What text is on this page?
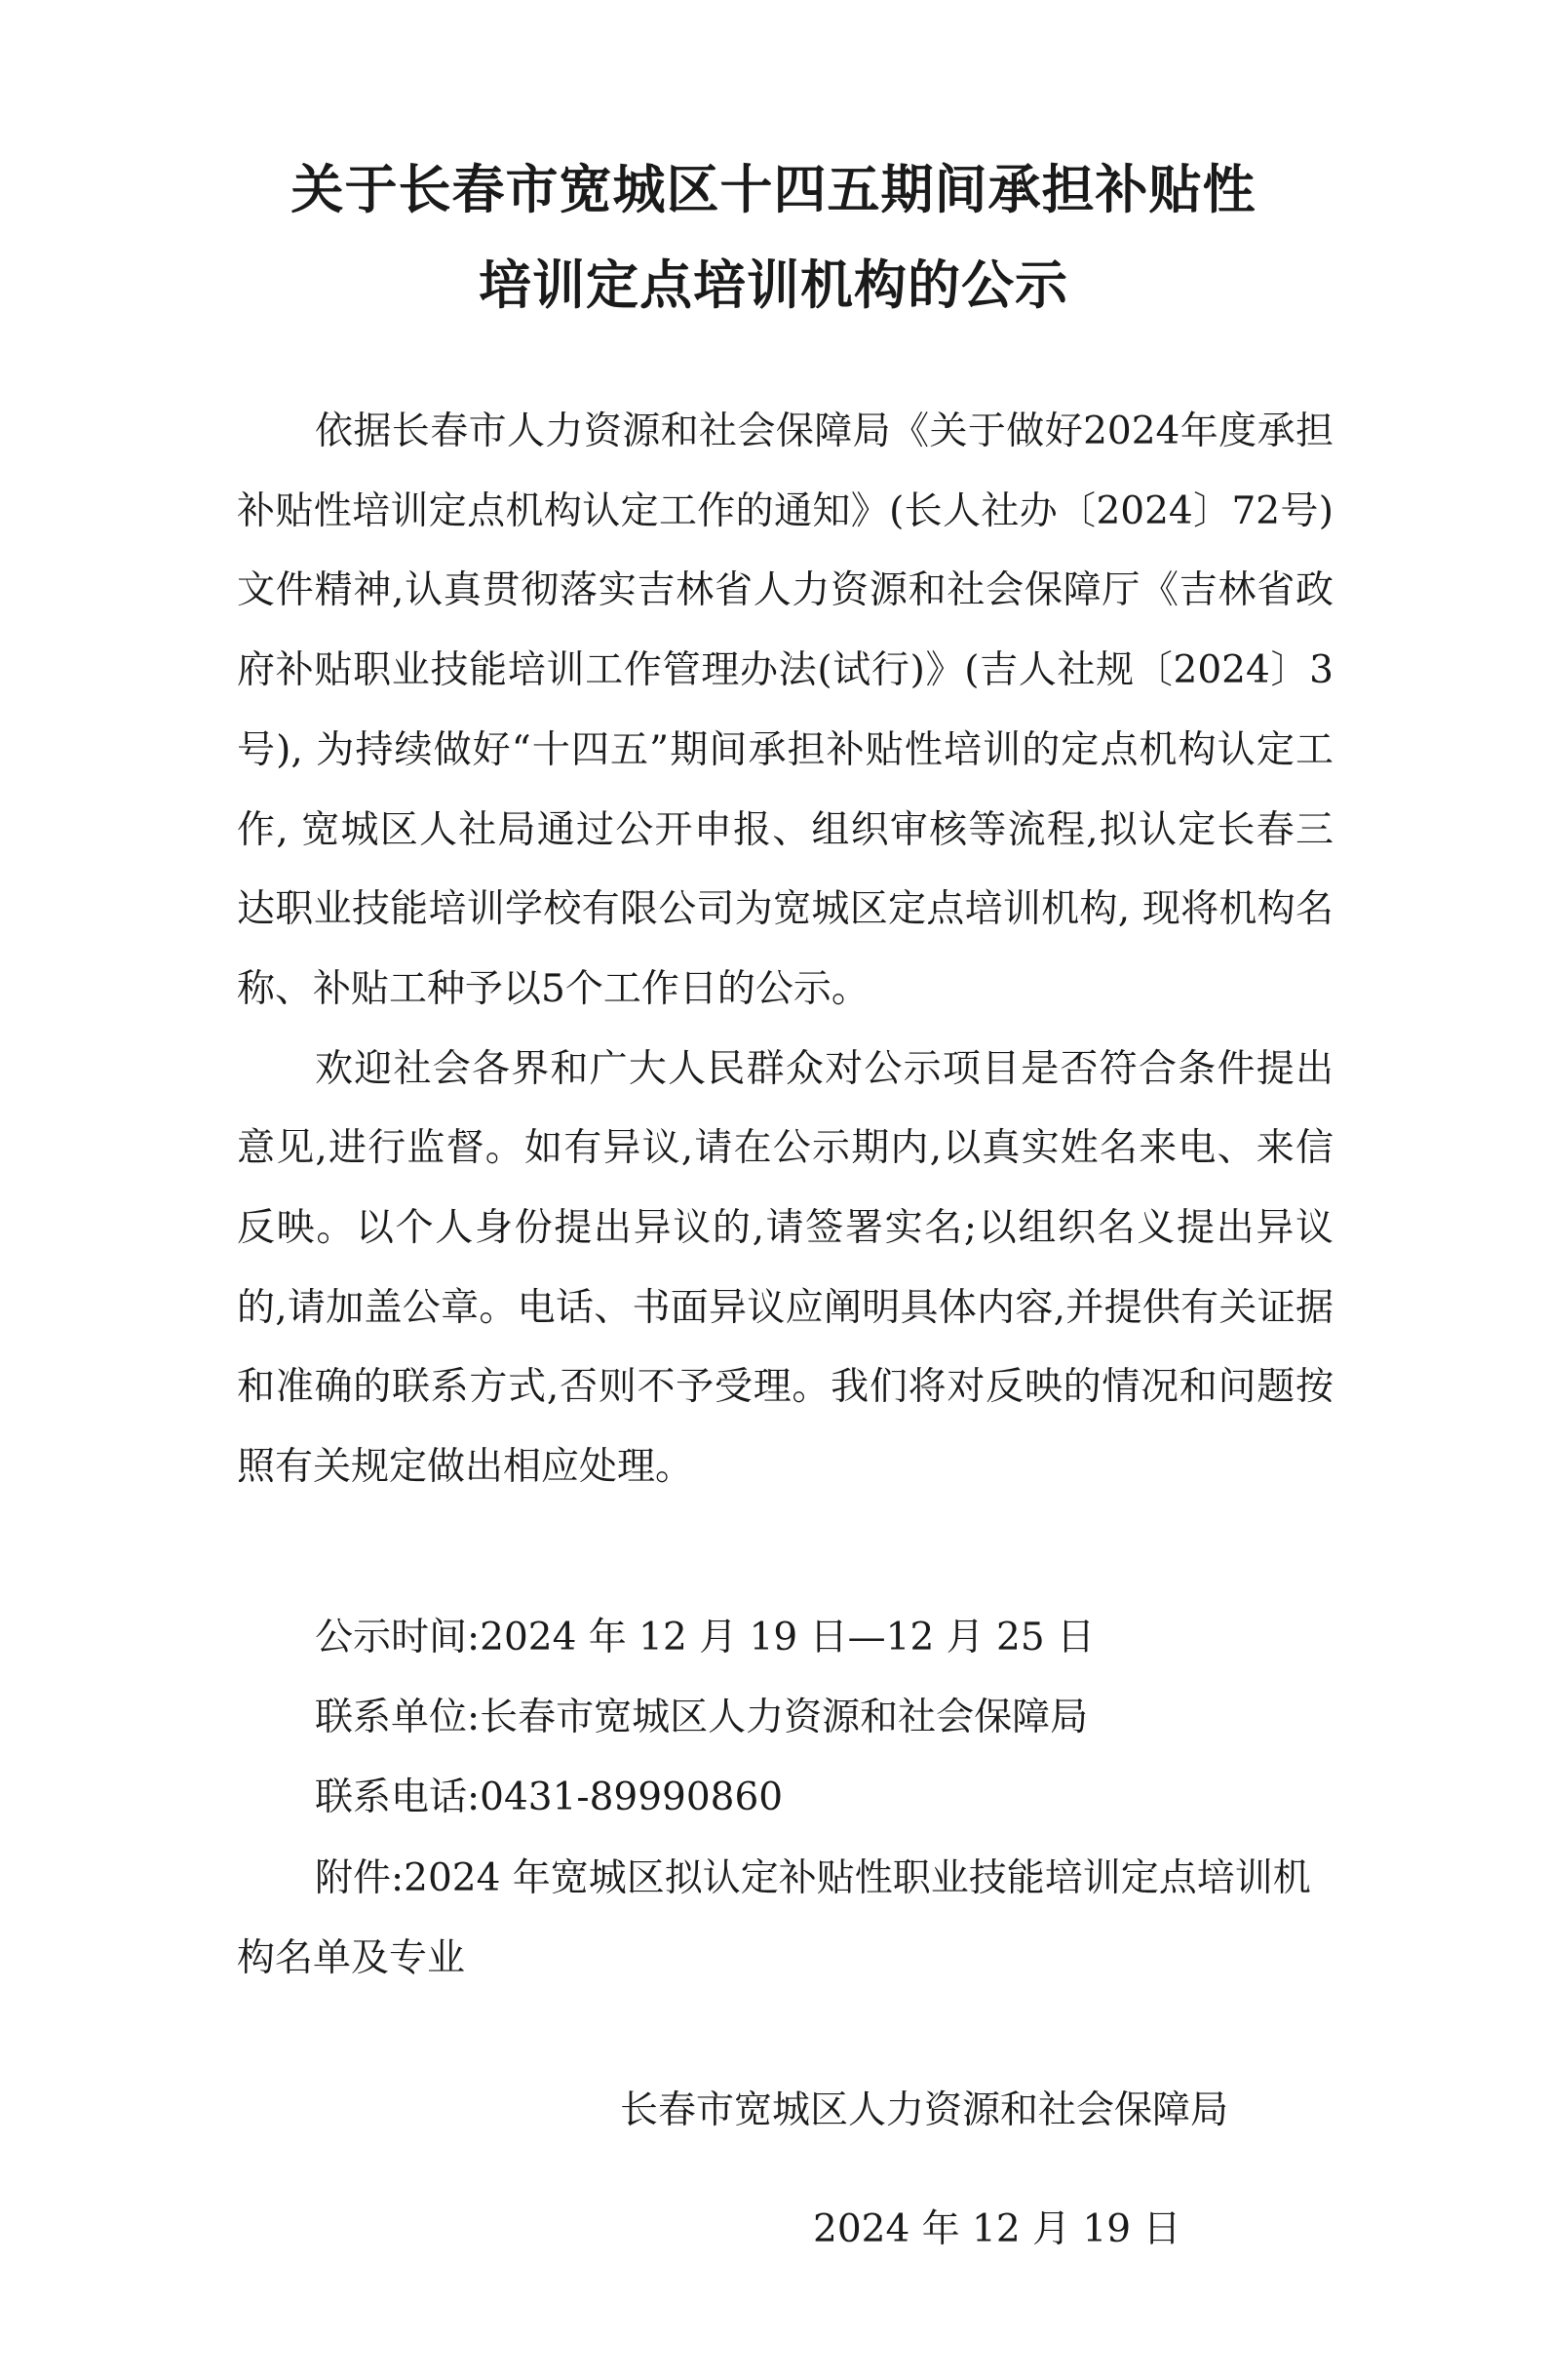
关于长春市宽城区十四五期间承担补贴性
培训定点培训机构的公示

依据长春市人力资源和社会保障局《关于做好2024年度承担补贴性培训定点机构认定工作的通知》(长人社办〔2024〕72号) 文件精神,认真贯彻落实吉林省人力资源和社会保障厅《吉林省政府补贴职业技能培训工作管理办法(试行)》(吉人社规〔2024〕3号), 为持续做好“十四五”期间承担补贴性培训的定点机构认定工作, 宽城区人社局通过公开申报、组织审核等流程,拟认定长春三达职业技能培训学校有限公司为宽城区定点培训机构, 现将机构名称、补贴工种予以5个工作日的公示。

欢迎社会各界和广大人民群众对公示项目是否符合条件提出意见,进行监督。如有异议,请在公示期内,以真实姓名来电、来信反映。以个人身份提出异议的,请签署实名;以组织名义提出异议的,请加盖公章。电话、书面异议应阐明具体内容,并提供有关证据和准确的联系方式,否则不予受理。我们将对反映的情况和问题按照有关规定做出相应处理。

公示时间:2024 年 12 月 19 日—12 月 25 日

联系单位:长春市宽城区人力资源和社会保障局

联系电话:0431-89990860

附件:2024 年宽城区拟认定补贴性职业技能培训定点培训机构名单及专业

长春市宽城区人力资源和社会保障局

2024 年 12 月 19 日
